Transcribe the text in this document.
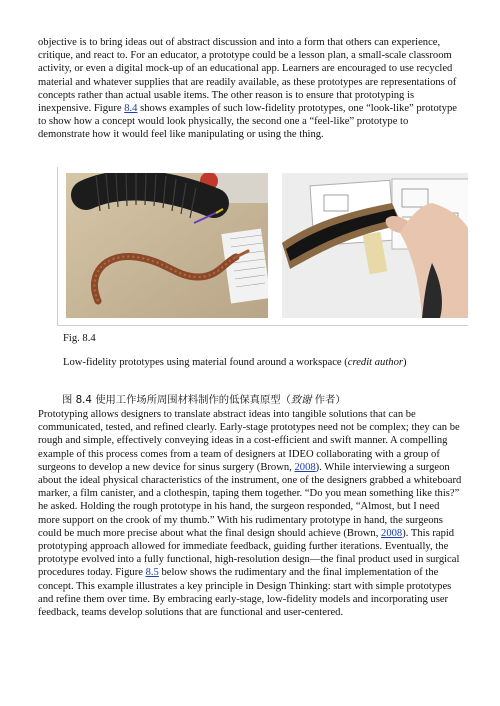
objective is to bring ideas out of abstract discussion and into a form that others can experience, critique, and react to. For an educator, a prototype could be a lesson plan, a small-scale classroom activity, or even a digital mock-up of an educational app. Learners are encouraged to use recycled material and whatever supplies that are readily available, as these prototypes are representations of concepts rather than actual usable items. The other reason is to ensure that prototyping is inexpensive. Figure 8.4 shows examples of such low-fidelity prototypes, one “look-like” prototype to show how a concept would look physically, the second one a “feel-like” prototype to demonstrate how it would feel like manipulating or using the thing.

Fig. 8.4
Low-fidelity prototypes using material found around a workspace (credit author)
图 8.4 使用工作场所周围材料制作的低保真原型（致谢 作者）

Prototyping allows designers to translate abstract ideas into tangible solutions that can be communicated, tested, and refined clearly. Early-stage prototypes need not be complex; they can be rough and simple, effectively conveying ideas in a cost-efficient and swift manner. A compelling example of this process comes from a team of designers at IDEO collaborating with a group of surgeons to develop a new device for sinus surgery (Brown, 2008). While interviewing a surgeon about the ideal physical characteristics of the instrument, one of the designers grabbed a whiteboard marker, a film canister, and a clothespin, taping them together. “Do you mean something like this?” he asked. Holding the rough prototype in his hand, the surgeon responded, “Almost, but I need more support on the crook of my thumb.” With his rudimentary prototype in hand, the surgeons could be much more precise about what the final design should achieve (Brown, 2008). This rapid prototyping approach allowed for immediate feedback, guiding further iterations. Eventually, the prototype evolved into a fully functional, high-resolution design—the final product used in surgical procedures today. Figure 8.5 below shows the rudimentary and the final implementation of the concept. This example illustrates a key principle in Design Thinking: start with simple prototypes and refine them over time. By embracing early-stage, low-fidelity models and incorporating user feedback, teams develop solutions that are functional and user-centered.
